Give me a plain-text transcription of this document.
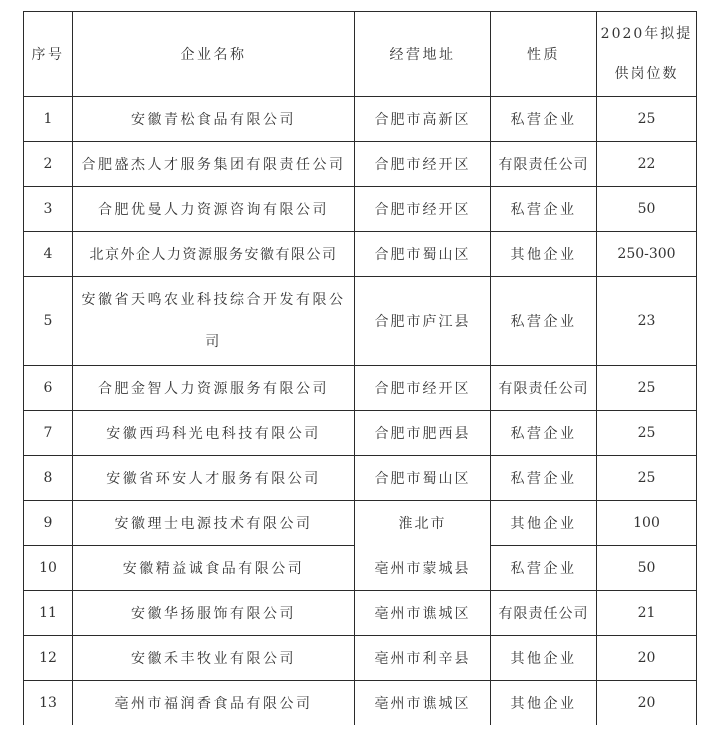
序号	企业名称	经营地址	性质	2020年拟提供岗位数
1	安徽青松食品有限公司	合肥市高新区	私营企业	25
2	合肥盛杰人才服务集团有限责任公司	合肥市经开区	有限责任公司	22
3	合肥优曼人力资源咨询有限公司	合肥市经开区	私营企业	50
4	北京外企人力资源服务安徽有限公司	合肥市蜀山区	其他企业	250-300
5	安徽省天鸣农业科技综合开发有限公司	合肥市庐江县	私营企业	23
6	合肥金智人力资源服务有限公司	合肥市经开区	有限责任公司	25
7	安徽西玛科光电科技有限公司	合肥市肥西县	私营企业	25
8	安徽省环安人才服务有限公司	合肥市蜀山区	私营企业	25
9	安徽理士电源技术有限公司	淮北市	其他企业	100
10	安徽精益诚食品有限公司	亳州市蒙城县	私营企业	50
11	安徽华扬服饰有限公司	亳州市谯城区	有限责任公司	21
12	安徽禾丰牧业有限公司	亳州市利辛县	其他企业	20
13	亳州市福润香食品有限公司	亳州市谯城区	其他企业	20
